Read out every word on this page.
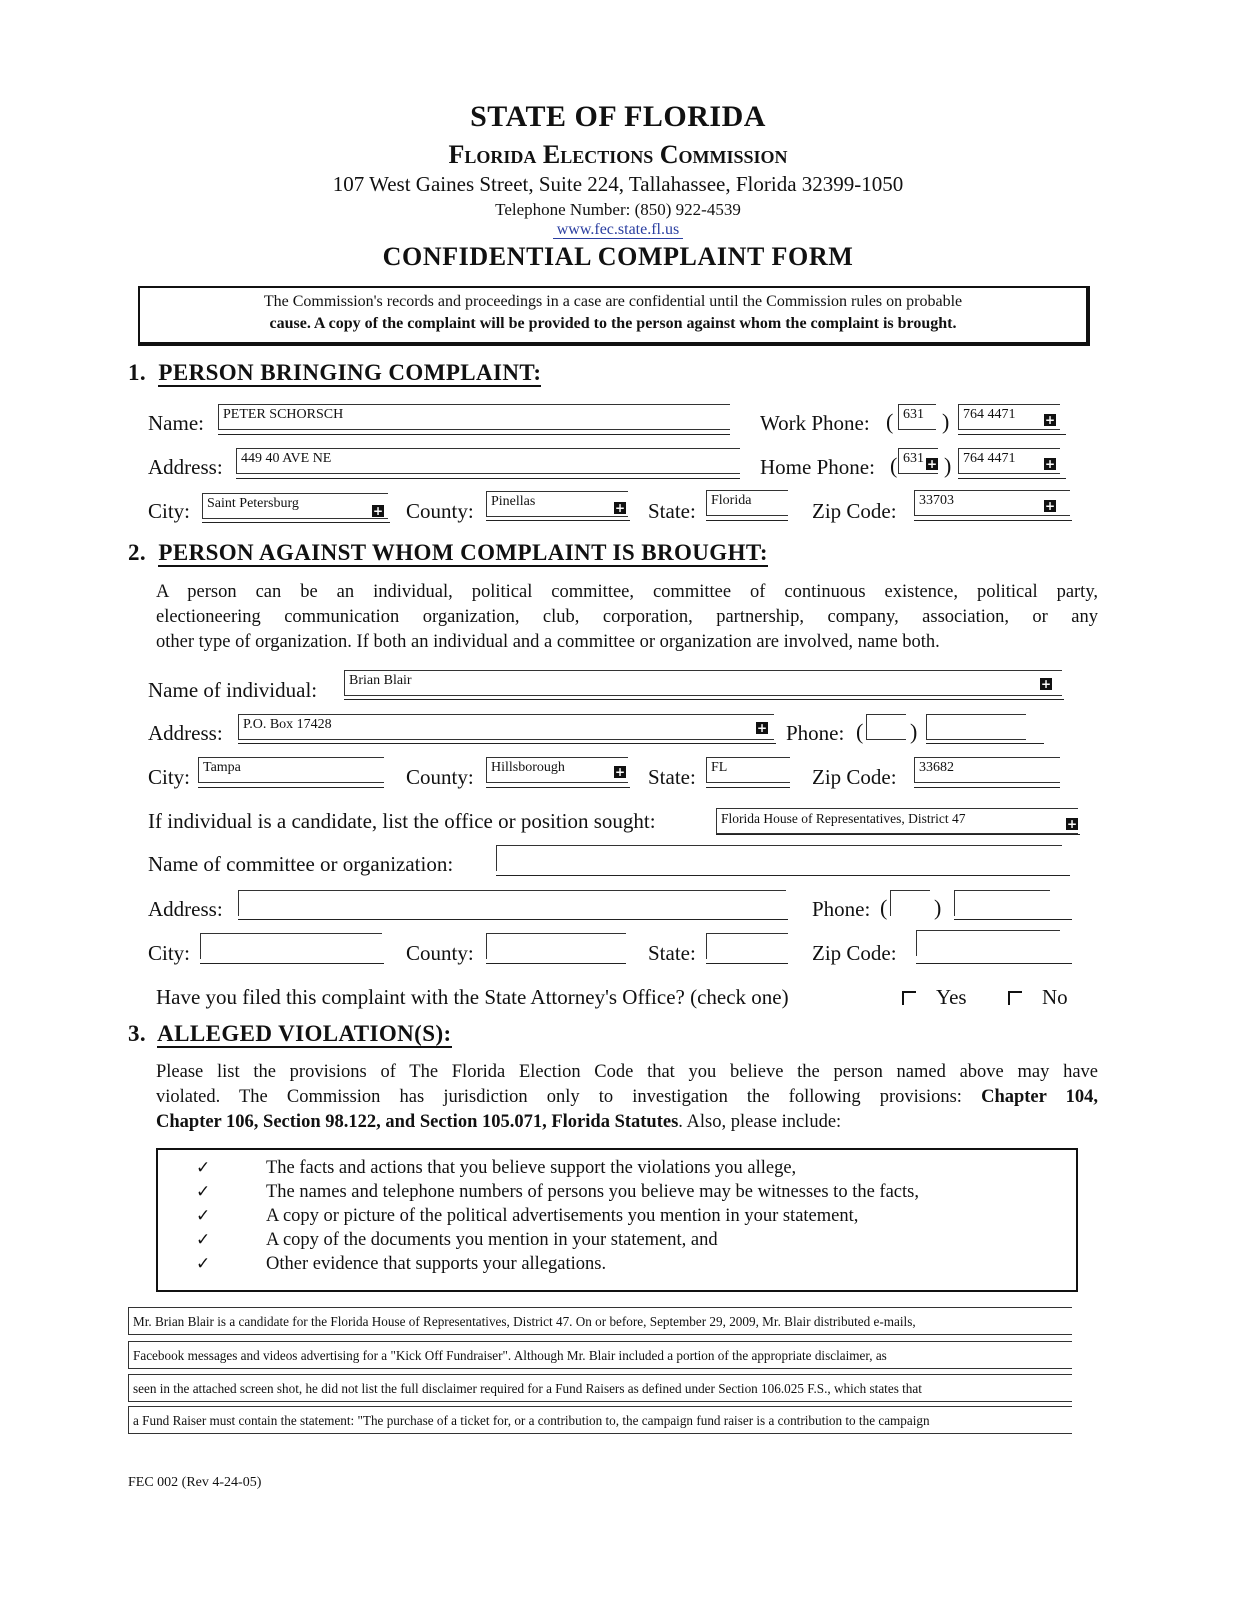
STATE OF FLORIDA
Florida Elections Commission
107 West Gaines Street, Suite 224, Tallahassee, Florida 32399-1050
Telephone Number: (850) 922-4539
www.fec.state.fl.us
CONFIDENTIAL COMPLAINT FORM
The Commission's records and proceedings in a case are confidential until the Commission rules on probable
cause. A copy of the complaint will be provided to the person against whom the complaint is brought.
1. PERSON BRINGING COMPLAINT:
Name:	PETER SCHORSCH	Work Phone: ( 631 ) 764 4471	+
Address:	449 40 AVE NE	Home Phone: ( 631 + ) 764 4471	+
City:	Saint Petersburg	+ County:	Pinellas	+ State:	Florida	Zip Code:	33703	+
2. PERSON AGAINST WHOM COMPLAINT IS BROUGHT:
A person can be an individual, political committee, committee of continuous existence, political party,
electioneering communication organization, club, corporation, partnership, company, association, or any
other type of organization. If both an individual and a committee or organization are involved, name both.
Name of individual:	Brian Blair	+
Address:	P.O. Box 17428	+ Phone: ( )
City: Tampa	County:	Hillsborough	+ State:	FL	Zip Code:	33682
If individual is a candidate, list the office or position sought:	Florida House of Representatives, District 47	+
Name of committee or organization:
Address:	Phone: ( )
City:	County:	State:	Zip Code:
Have you filed this complaint with the State Attorney's Office? (check one)	Yes	No
3. ALLEGED VIOLATION(S):
Please list the provisions of The Florida Election Code that you believe the person named above may have
violated. The Commission has jurisdiction only to investigation the following provisions: Chapter 104,
Chapter 106, Section 98.122, and Section 105.071, Florida Statutes. Also, please include:
✓	The facts and actions that you believe support the violations you allege,
✓	The names and telephone numbers of persons you believe may be witnesses to the facts,
✓	A copy or picture of the political advertisements you mention in your statement,
✓	A copy of the documents you mention in your statement, and
✓	Other evidence that supports your allegations.
Mr. Brian Blair is a candidate for the Florida House of Representatives, District 47. On or before, September 29, 2009, Mr. Blair distributed e-mails,
Facebook messages and videos advertising for a "Kick Off Fundraiser". Although Mr. Blair included a portion of the appropriate disclaimer, as
seen in the attached screen shot, he did not list the full disclaimer required for a Fund Raisers as defined under Section 106.025 F.S., which states that
a Fund Raiser must contain the statement: "The purchase of a ticket for, or a contribution to, the campaign fund raiser is a contribution to the campaign
FEC 002 (Rev 4-24-05)
